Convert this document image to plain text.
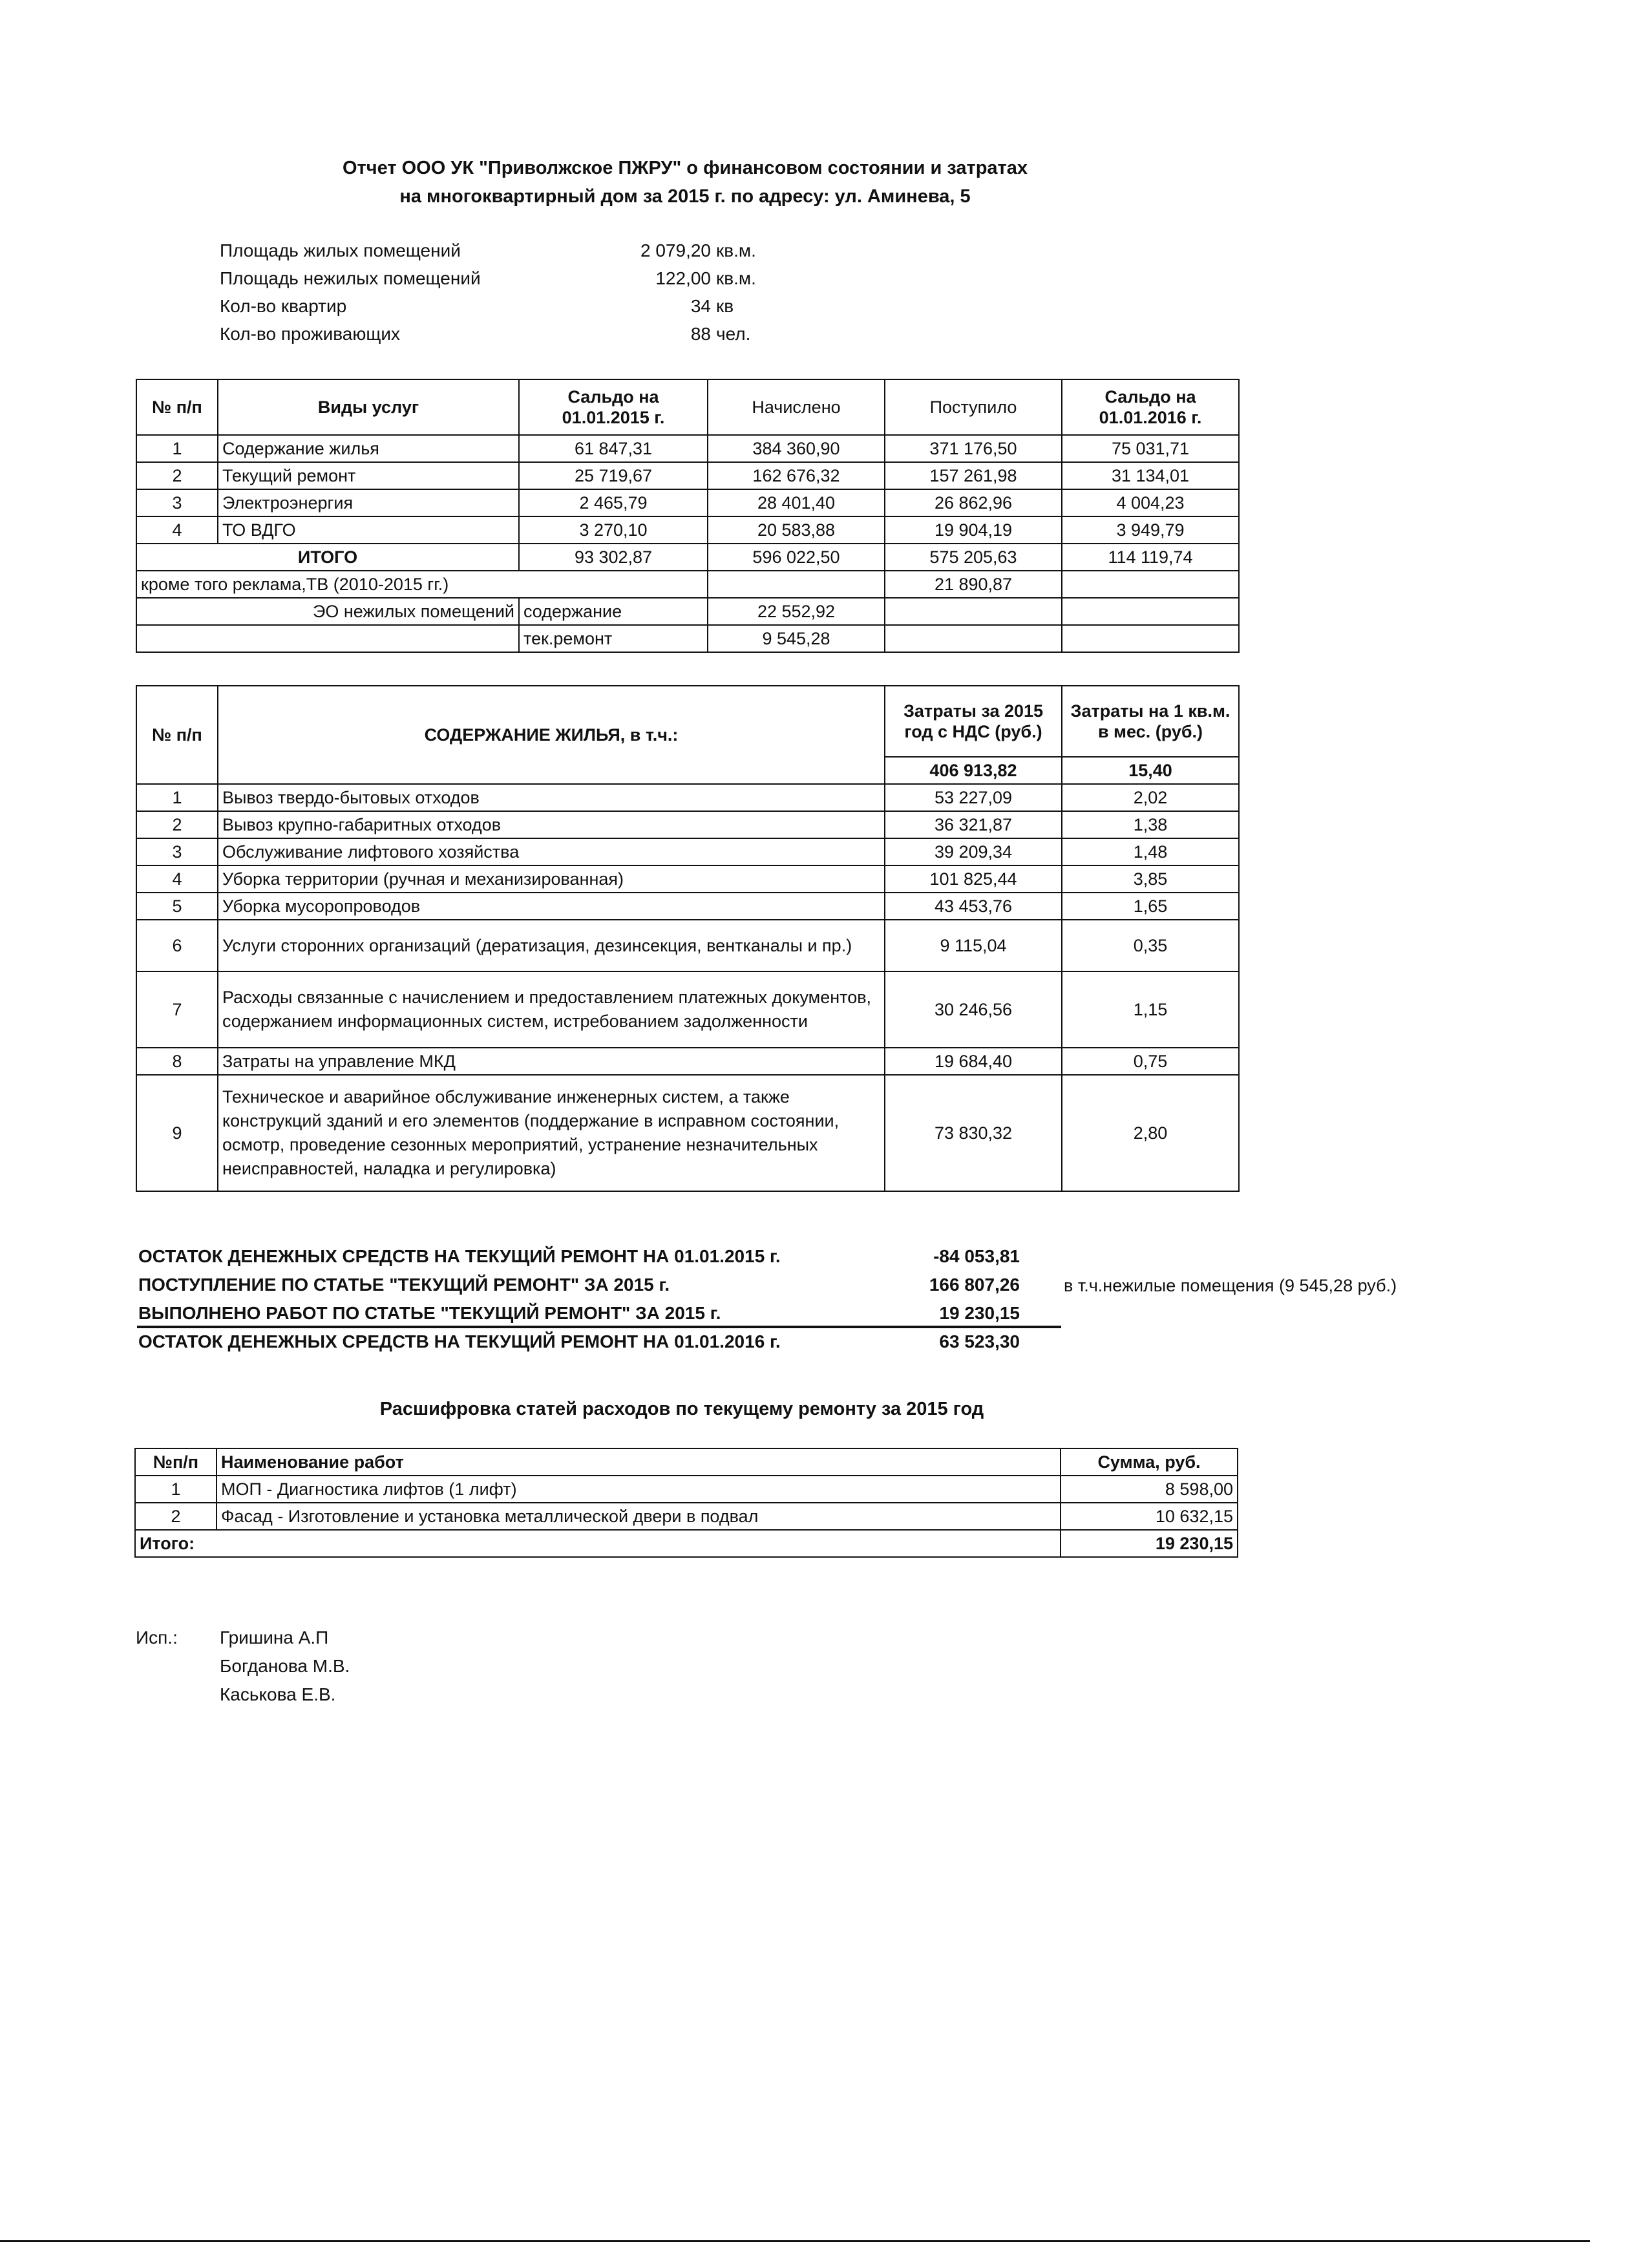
Отчет ООО УК "Приволжское ПЖРУ" о финансовом состоянии и затратах
на многоквартирный дом за 2015 г. по адресу: ул. Аминева, 5
Площадь жилых помещений	2 079,20 кв.м.
Площадь нежилых помещений	122,00 кв.м.
Кол-во квартир	34 кв
Кол-во проживающих	88 чел.
№ п/п	Виды услуг	Сальдо на 01.01.2015 г.	Начислено	Поступило	Сальдо на 01.01.2016 г.
1	Содержание жилья	61 847,31	384 360,90	371 176,50	75 031,71
2	Текущий ремонт	25 719,67	162 676,32	157 261,98	31 134,01
3	Электроэнергия	2 465,79	28 401,40	26 862,96	4 004,23
4	ТО ВДГО	3 270,10	20 583,88	19 904,19	3 949,79
ИТОГО		93 302,87	596 022,50	575 205,63	114 119,74
кроме того реклама,ТВ (2010-2015 гг.)				21 890,87	
ЭО нежилых помещений		содержание	22 552,92		
		тек.ремонт	9 545,28		
№ п/п	СОДЕРЖАНИЕ ЖИЛЬЯ, в т.ч.:	Затраты за 2015 год с НДС (руб.)	Затраты на 1 кв.м. в мес. (руб.)
		406 913,82	15,40
1	Вывоз твердо-бытовых отходов	53 227,09	2,02
2	Вывоз крупно-габаритных отходов	36 321,87	1,38
3	Обслуживание лифтового хозяйства	39 209,34	1,48
4	Уборка территории (ручная и механизированная)	101 825,44	3,85
5	Уборка мусоропроводов	43 453,76	1,65
6	Услуги сторонних организаций (дератизация, дезинсекция, вентканалы и пр.)	9 115,04	0,35
7	Расходы связанные с начислением и предоставлением платежных документов, содержанием информационных систем, истребованием задолженности	30 246,56	1,15
8	Затраты на управление МКД	19 684,40	0,75
9	Техническое и аварийное обслуживание инженерных систем, а также конструкций зданий и его элементов (поддержание в исправном состоянии, осмотр, проведение сезонных мероприятий, устранение незначительных неисправностей, наладка и регулировка)	73 830,32	2,80
ОСТАТОК ДЕНЕЖНЫХ СРЕДСТВ НА ТЕКУЩИЙ РЕМОНТ НА 01.01.2015 г.	-84 053,81
ПОСТУПЛЕНИЕ ПО СТАТЬЕ "ТЕКУЩИЙ РЕМОНТ" ЗА 2015 г.	166 807,26	в т.ч.нежилые помещения (9 545,28 руб.)
ВЫПОЛНЕНО РАБОТ ПО СТАТЬЕ "ТЕКУЩИЙ РЕМОНТ" ЗА 2015 г.	19 230,15
ОСТАТОК ДЕНЕЖНЫХ СРЕДСТВ НА ТЕКУЩИЙ РЕМОНТ НА 01.01.2016 г.	63 523,30
Расшифровка статей расходов по текущему ремонту за 2015 год
№п/п	Наименование работ	Сумма, руб.
1	МОП - Диагностика лифтов (1 лифт)	8 598,00
2	Фасад - Изготовление и установка металлической двери в подвал	10 632,15
Итого:		19 230,15
Исп.: Гришина А.П
Богданова М.В.
Каськова Е.В.
